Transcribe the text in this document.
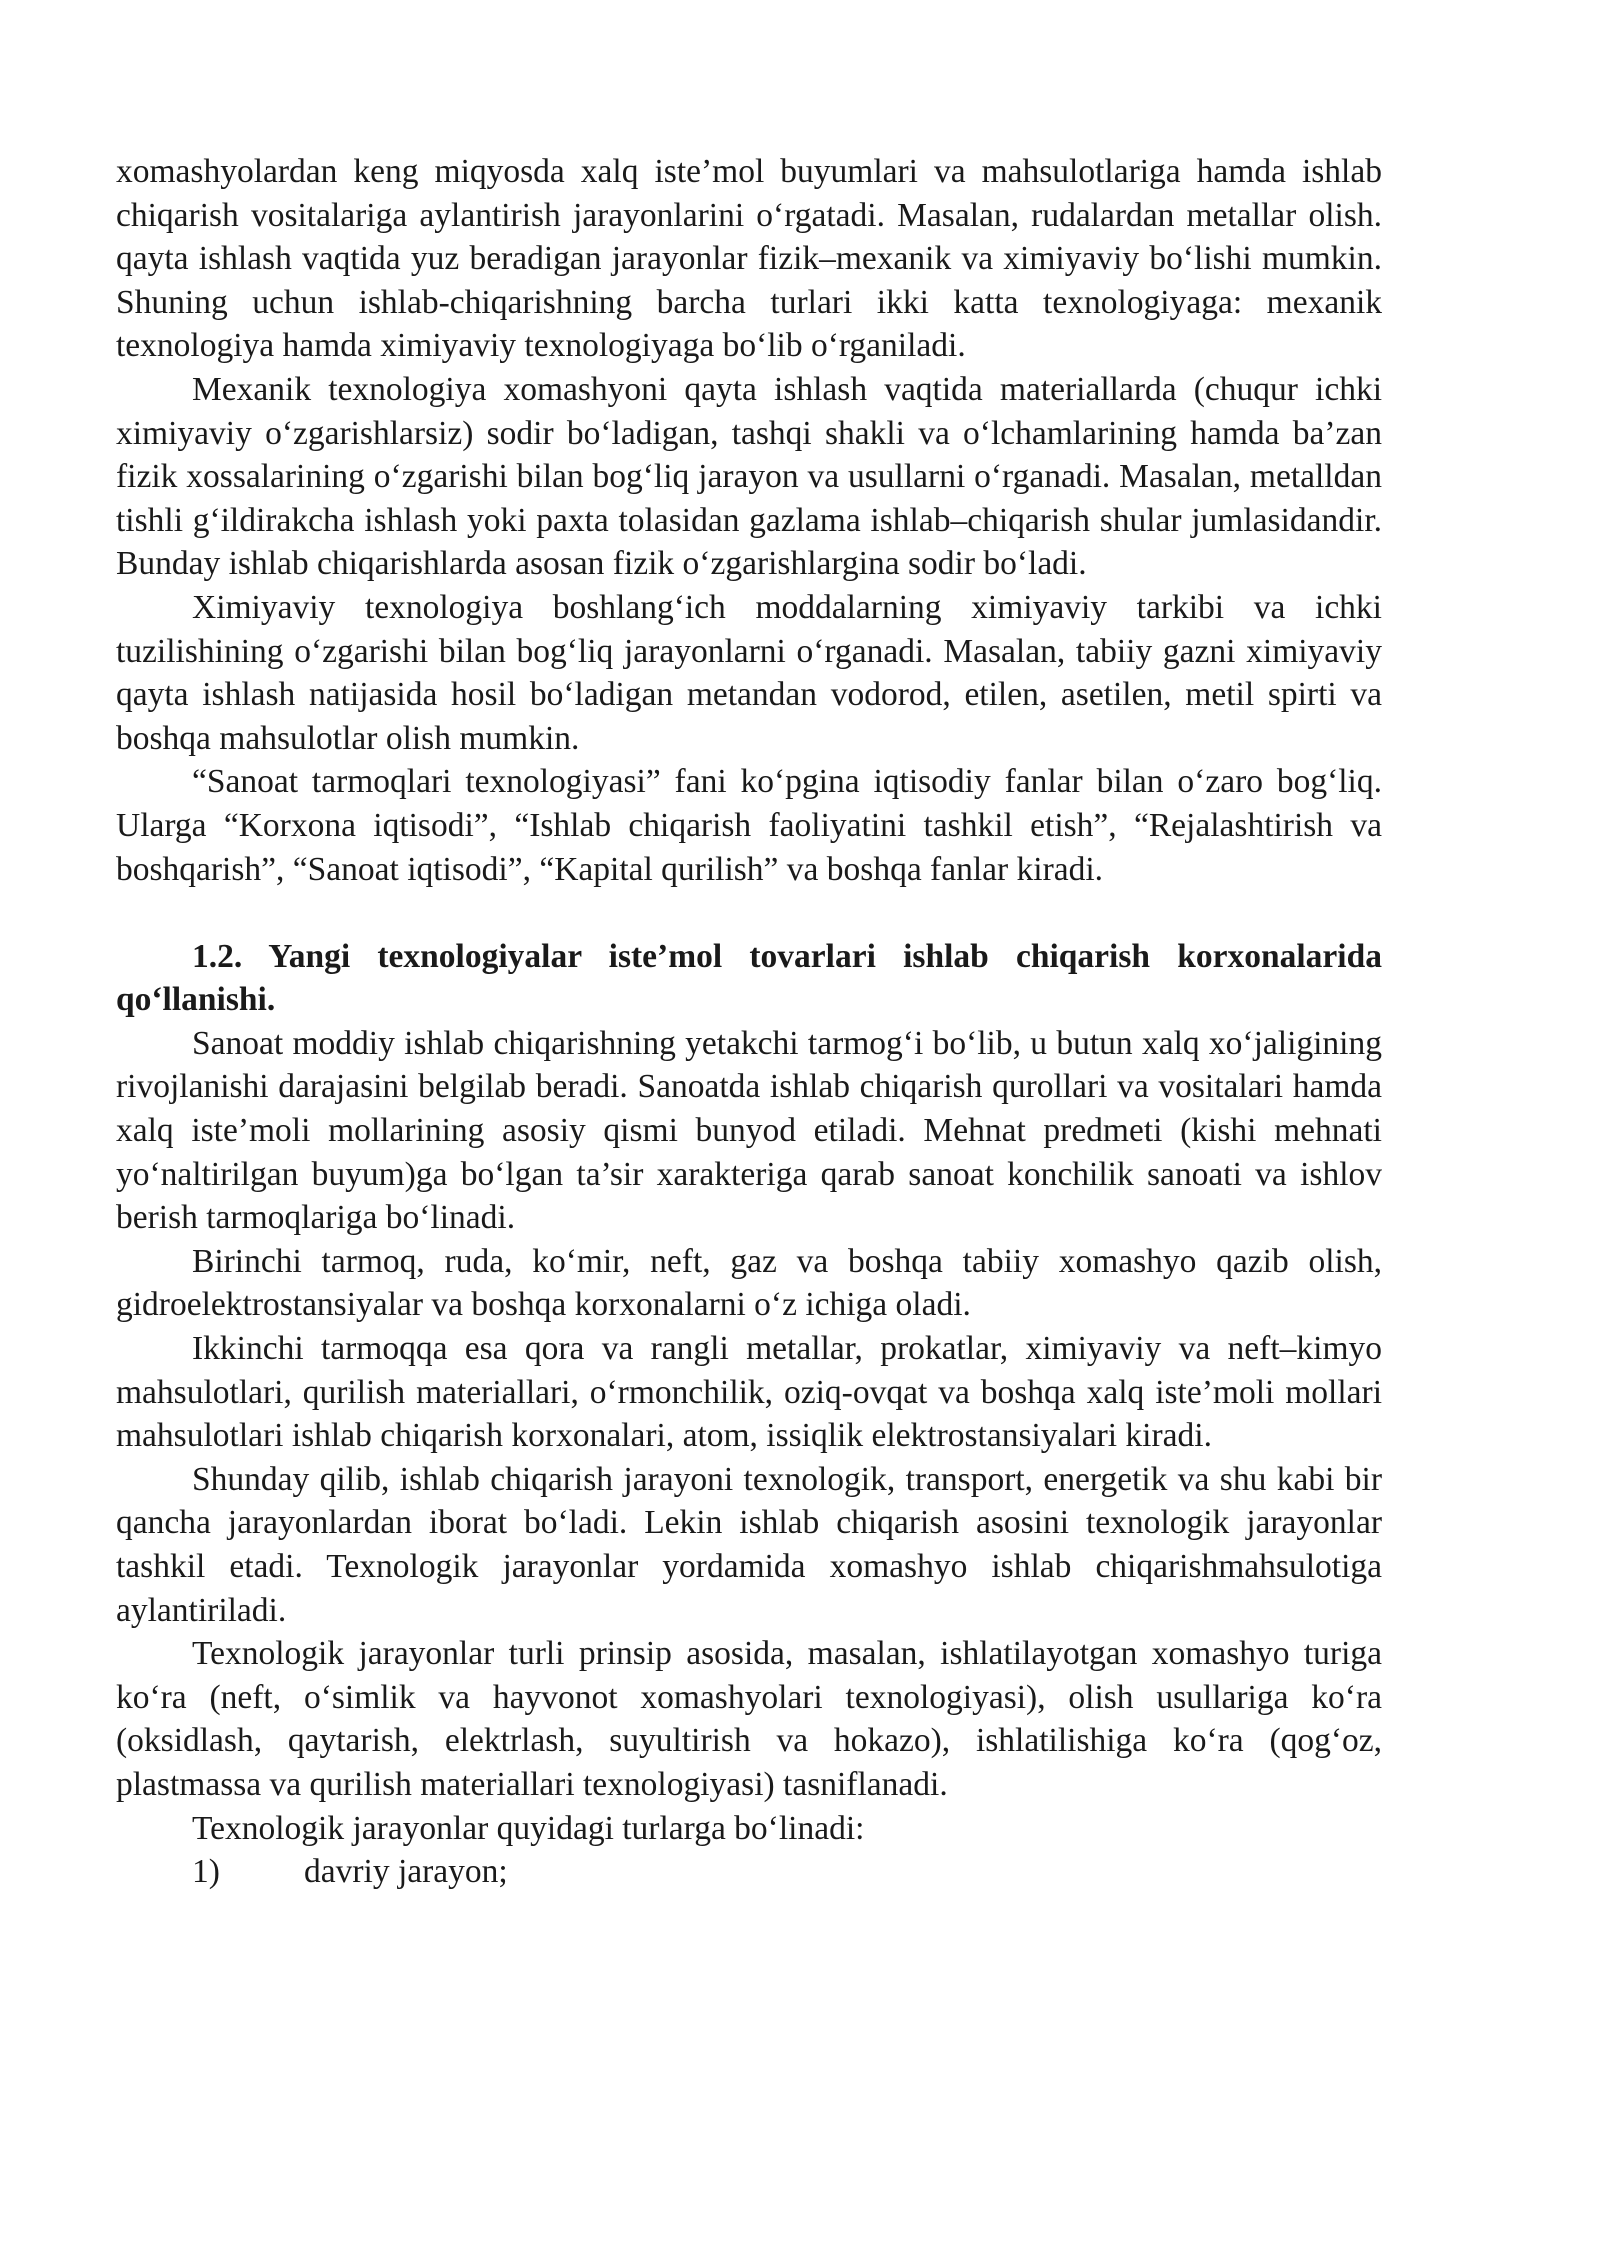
xomashyolardan keng miqyosda xalq iste’mol buyumlari va mahsulotlariga hamda ishlab chiqarish vositalariga aylantirish jarayonlarini o‘rgatadi. Masalan, rudalardan metallar olish. qayta ishlash vaqtida yuz beradigan jarayonlar fizik–mexanik va ximiyaviy bo‘lishi mumkin. Shuning uchun ishlab-chiqarishning barcha turlari ikki katta texnologiyaga: mexanik texnologiya hamda ximiyaviy texnologiyaga bo‘lib o‘rganiladi.

Mexanik texnologiya xomashyoni qayta ishlash vaqtida materiallarda (chuqur ichki ximiyaviy o‘zgarishlarsiz) sodir bo‘ladigan, tashqi shakli va o‘lchamlarining hamda ba’zan fizik xossalarining o‘zgarishi bilan bog‘liq jarayon va usullarni o‘rganadi. Masalan, metalldan tishli g‘ildirakcha ishlash yoki paxta tolasidan gazlama ishlab–chiqarish shular jumlasidandir. Bunday ishlab chiqarishlarda asosan fizik o‘zgarishlargina sodir bo‘ladi.

Ximiyaviy texnologiya boshlang‘ich moddalarning ximiyaviy tarkibi va ichki tuzilishining o‘zgarishi bilan bog‘liq jarayonlarni o‘rganadi. Masalan, tabiiy gazni ximiyaviy qayta ishlash natijasida hosil bo‘ladigan metandan vodorod, etilen, asetilen, metil spirti va boshqa mahsulotlar olish mumkin.

“Sanoat tarmoqlari texnologiyasi” fani ko‘pgina iqtisodiy fanlar bilan o‘zaro bog‘liq. Ularga “Korxona iqtisodi”, “Ishlab chiqarish faoliyatini tashkil etish”, “Rejalashtirish va boshqarish”, “Sanoat iqtisodi”, “Kapital qurilish” va boshqa fanlar kiradi.

1.2. Yangi texnologiyalar iste’mol tovarlari ishlab chiqarish korxonalarida qo‘llanishi.

Sanoat moddiy ishlab chiqarishning yetakchi tarmog‘i bo‘lib, u butun xalq xo‘jaligining rivojlanishi darajasini belgilab beradi. Sanoatda ishlab chiqarish qurollari va vositalari hamda xalq iste’moli mollarining asosiy qismi bunyod etiladi. Mehnat predmeti (kishi mehnati yo‘naltirilgan buyum)ga bo‘lgan ta’sir xarakteriga qarab sanoat konchilik sanoati va ishlov berish tarmoqlariga bo‘linadi.

Birinchi tarmoq, ruda, ko‘mir, neft, gaz va boshqa tabiiy xomashyo qazib olish, gidroelektrostansiyalar va boshqa korxonalarni o‘z ichiga oladi.

Ikkinchi tarmoqqa esa qora va rangli metallar, prokatlar, ximiyaviy va neft–kimyo mahsulotlari, qurilish materiallari, o‘rmonchilik, oziq-ovqat va boshqa xalq iste’moli mollari mahsulotlari ishlab chiqarish korxonalari, atom, issiqlik elektrostansiyalari kiradi.

Shunday qilib, ishlab chiqarish jarayoni texnologik, transport, energetik va shu kabi bir qancha jarayonlardan iborat bo‘ladi. Lekin ishlab chiqarish asosini texnologik jarayonlar tashkil etadi. Texnologik jarayonlar yordamida xomashyo ishlab chiqarishmahsulotiga aylantiriladi.

Texnologik jarayonlar turli prinsip asosida, masalan, ishlatilayotgan xomashyo turiga ko‘ra (neft, o‘simlik va hayvonot xomashyolari texnologiyasi), olish usullariga ko‘ra (oksidlash, qaytarish, elektrlash, suyultirish va hokazo), ishlatilishiga ko‘ra (qog‘oz, plastmassa va qurilish materiallari texnologiyasi) tasniflanadi.

Texnologik jarayonlar quyidagi turlarga bo‘linadi:

1)	davriy jarayon;
